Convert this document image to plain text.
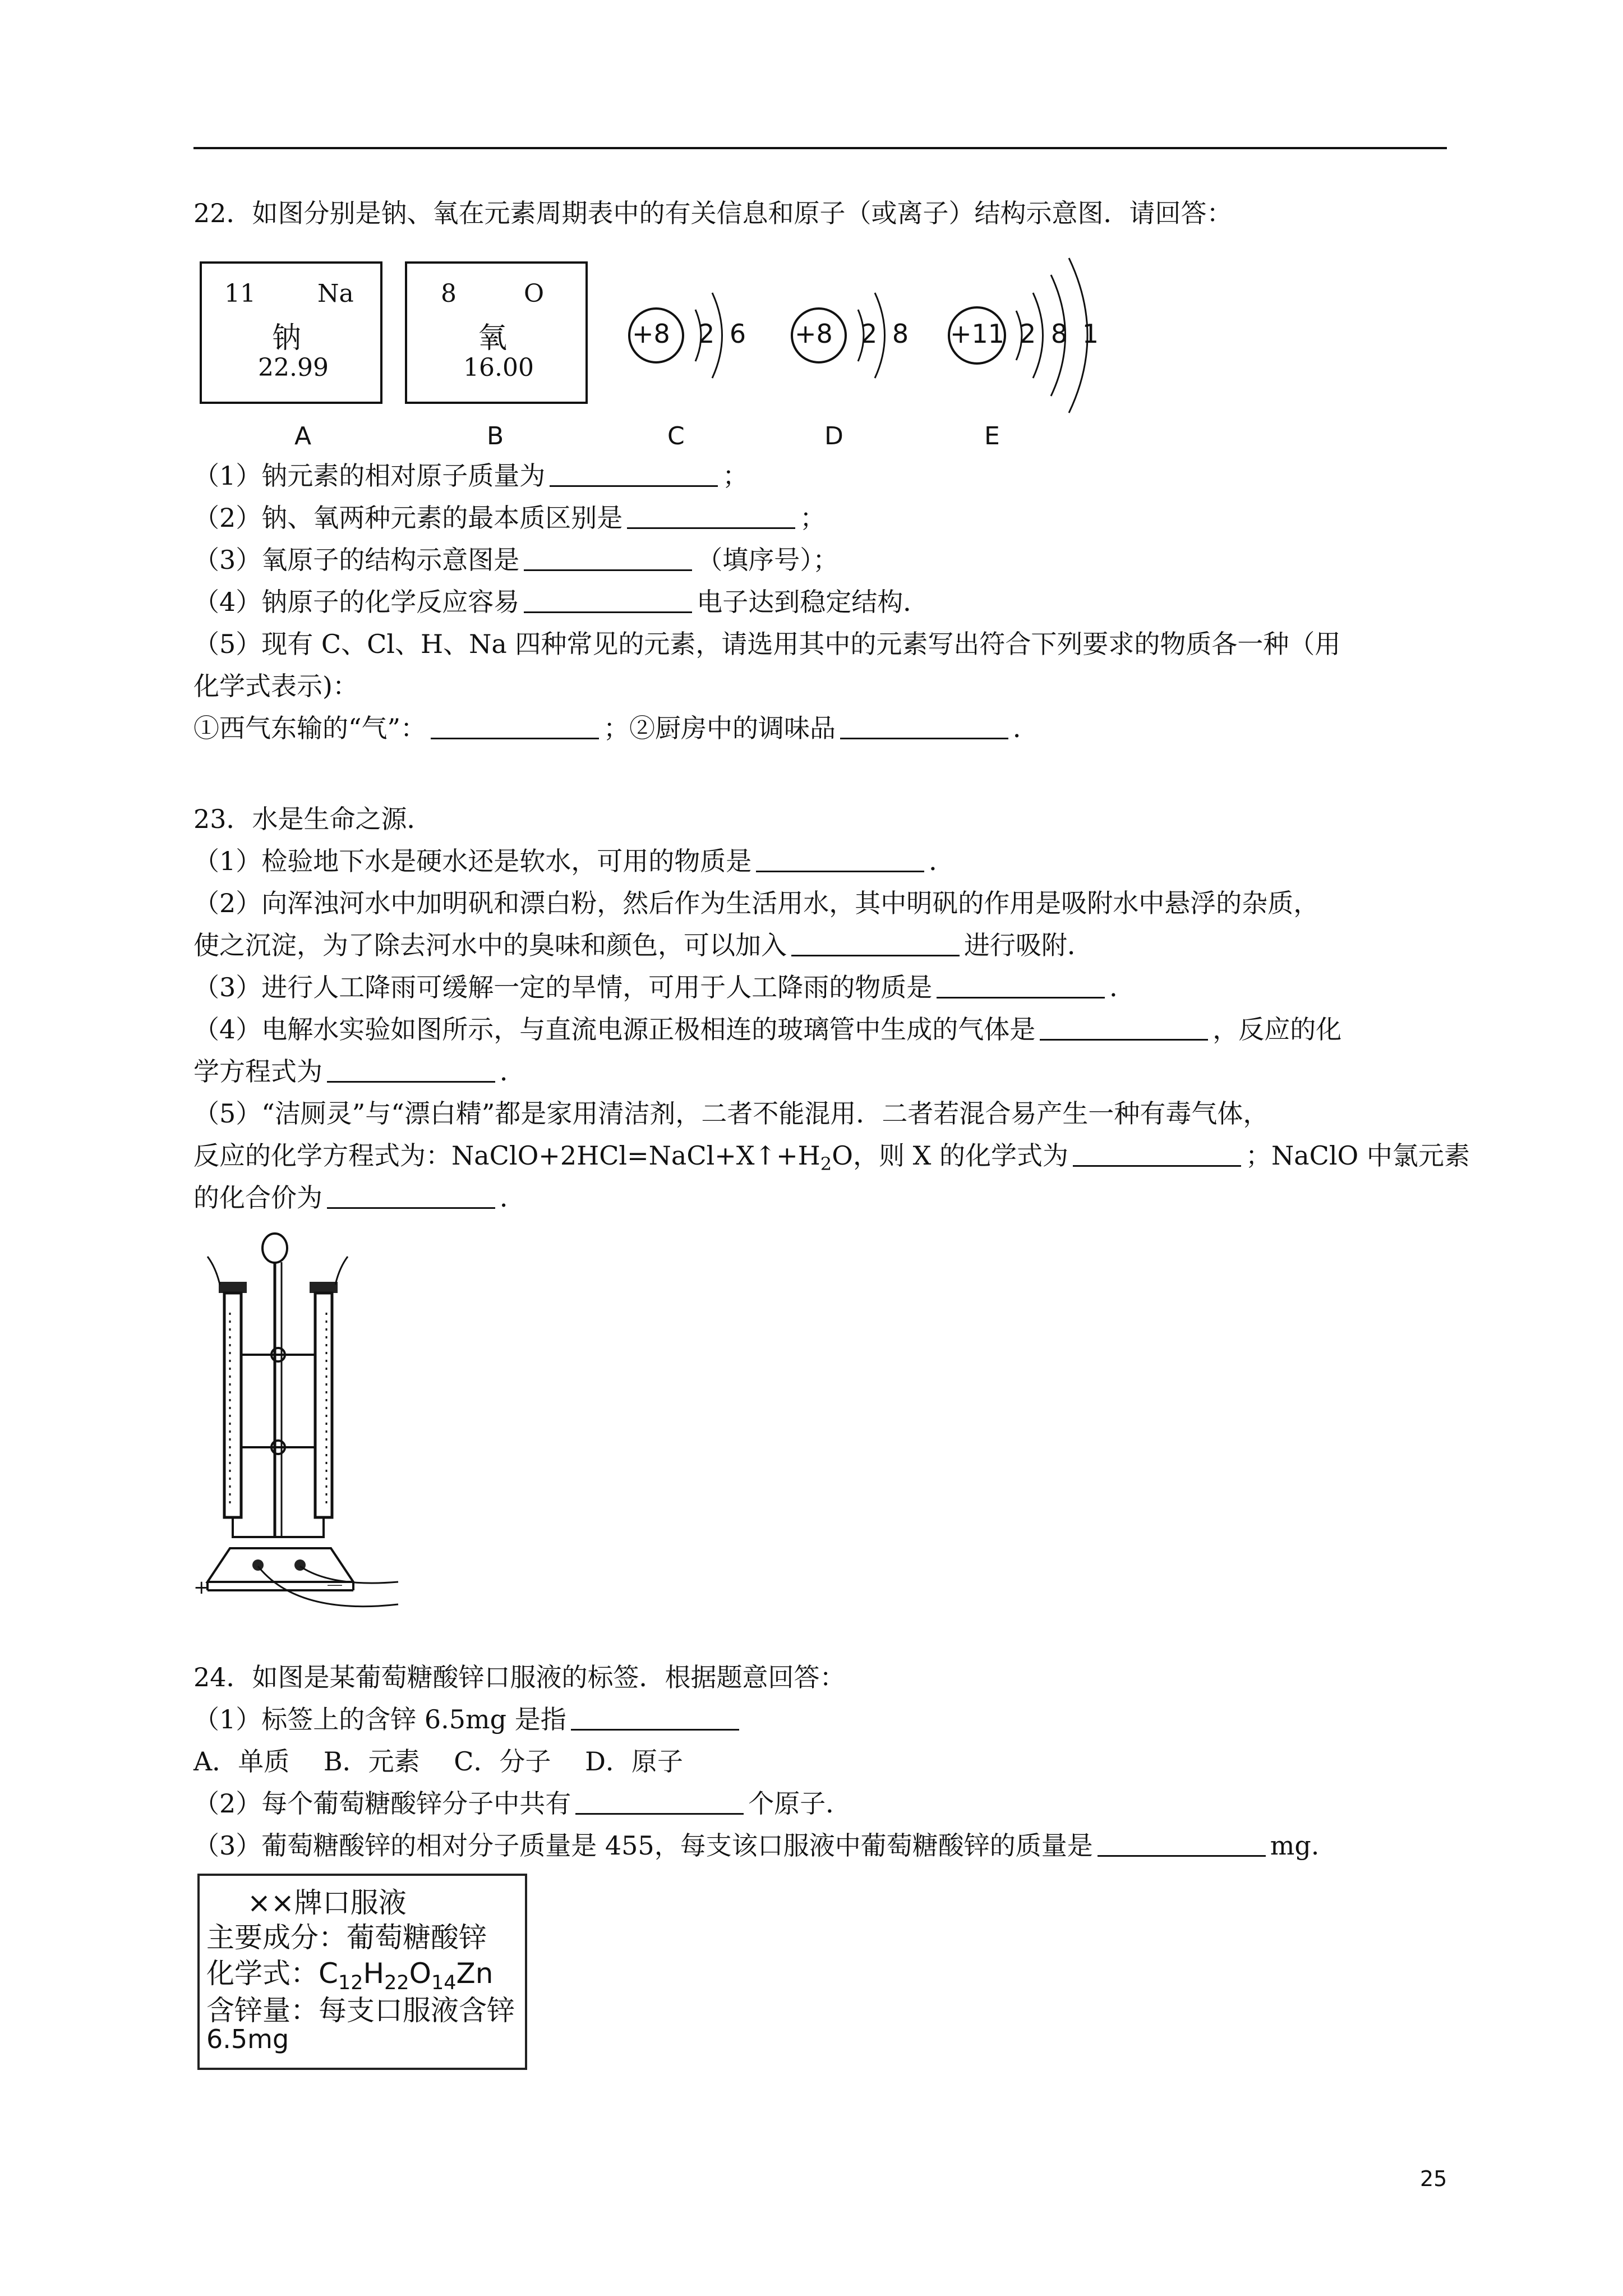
22．如图分别是钠、氧在元素周期表中的有关信息和原子（或离子）结构示意图．请回答：
11	Na
钠
22.99
8	O
氧
16.00
+8 2 6 +8 2 8 +11 2 8 1
A	B	C	D	E
（1）钠元素的相对原子质量为	；
（2）钠、氧两种元素的最本质区别是	；
（3）氧原子的结构示意图是	（填序号）；
（4）钠原子的化学反应容易	电子达到稳定结构．
（5）现有 C、Cl、H、Na 四种常见的元素，请选用其中的元素写出符合下列要求的物质各一种（用
化学式表示)：
①西气东输的“气”：	；②厨房中的调味品	．
23．水是生命之源．
（1）检验地下水是硬水还是软水，可用的物质是	．
（2）向浑浊河水中加明矾和漂白粉，然后作为生活用水，其中明矾的作用是吸附水中悬浮的杂质，
使之沉淀，为了除去河水中的臭味和颜色，可以加入	进行吸附．
（3）进行人工降雨可缓解一定的旱情，可用于人工降雨的物质是	．
（4）电解水实验如图所示，与直流电源正极相连的玻璃管中生成的气体是	，反应的化
学方程式为	．
（5）“洁厕灵”与“漂白精”都是家用清洁剂，二者不能混用．二者若混合易产生一种有毒气体，
反应的化学方程式为：$NaClO+2HCl=NaCl+X↑+H_2O$，则 X 的化学式为	；NaClO 中氯元素
的化合价为	．
+	－
24．如图是某葡萄糖酸锌口服液的标签．根据题意回答：
（1）标签上的含锌 6.5mg 是指
A．单质　 B．元素　 C．分子　 D．原子
（2）每个葡萄糖酸锌分子中共有	个原子．
（3）葡萄糖酸锌的相对分子质量是 455，每支该口服液中葡萄糖酸锌的质量是	mg.
××牌口服液
主要成分：葡萄糖酸锌
化学式：$C_{12}H_{22}O_{14}Zn$
含锌量：每支口服液含锌
6.5mg
25
